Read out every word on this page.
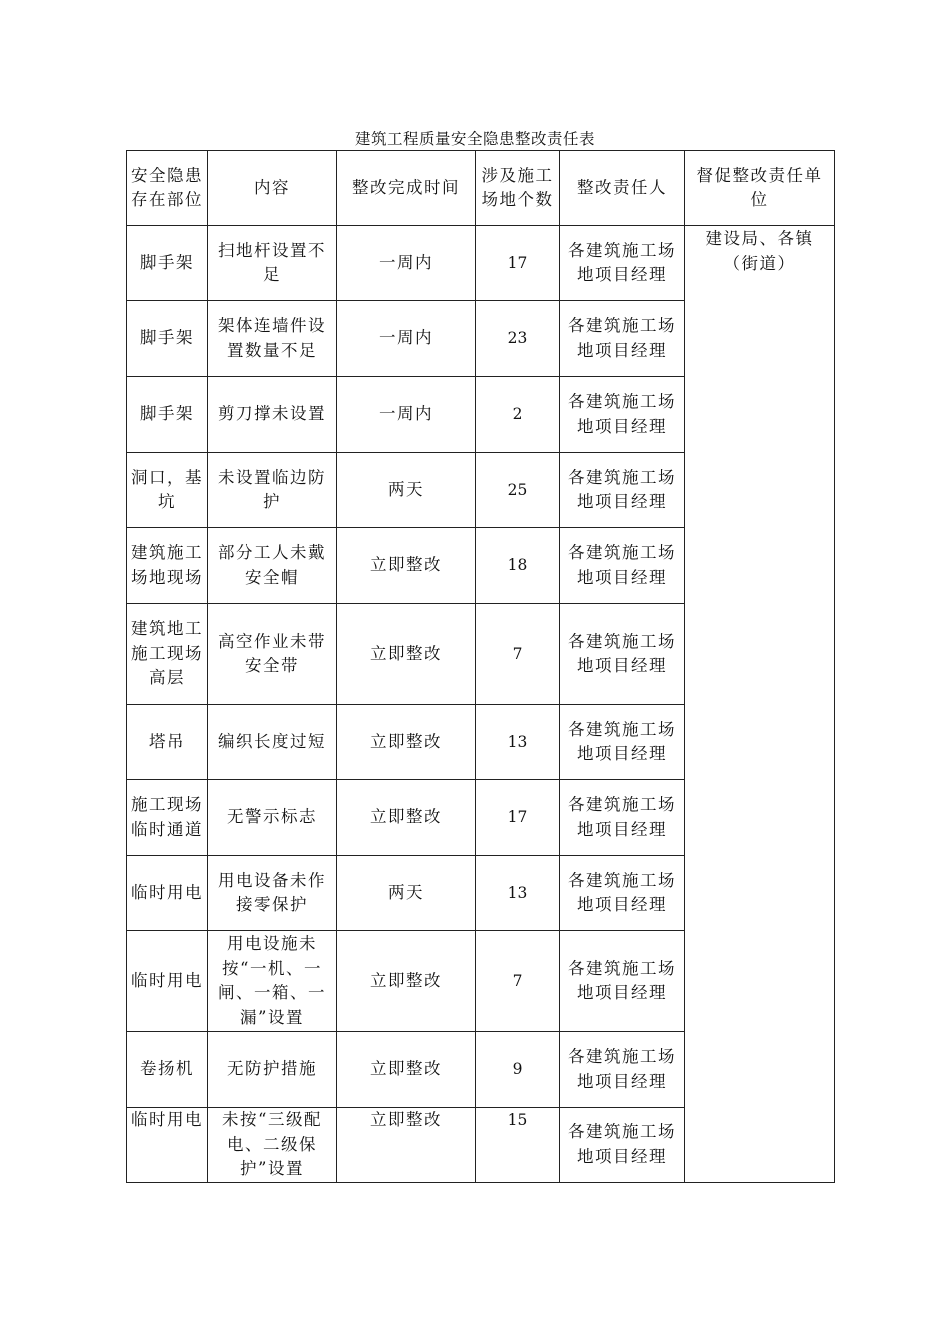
建筑工程质量安全隐患整改责任表
安全隐患存在部位	内容	整改完成时间	涉及施工场地个数	整改责任人	督促整改责任单位
脚手架	扫地杆设置不足	一周内	17	各建筑施工场地项目经理	建设局、各镇（街道）
脚手架	架体连墙件设置数量不足	一周内	23	各建筑施工场地项目经理	
脚手架	剪刀撑未设置	一周内	2	各建筑施工场地项目经理	
洞口，基坑	未设置临边防护	两天	25	各建筑施工场地项目经理	
建筑施工场地现场	部分工人未戴安全帽	立即整改	18	各建筑施工场地项目经理	
建筑地工施工现场高层	高空作业未带安全带	立即整改	7	各建筑施工场地项目经理	
塔吊	编织长度过短	立即整改	13	各建筑施工场地项目经理	
施工现场临时通道	无警示标志	立即整改	17	各建筑施工场地项目经理	
临时用电	用电设备未作接零保护	两天	13	各建筑施工场地项目经理	
临时用电	用电设施未按“一机、一闸、一箱、一漏”设置	立即整改	7	各建筑施工场地项目经理	
卷扬机	无防护措施	立即整改	9	各建筑施工场地项目经理	
临时用电	未按“三级配电、二级保护”设置	立即整改	15	各建筑施工场地项目经理	
